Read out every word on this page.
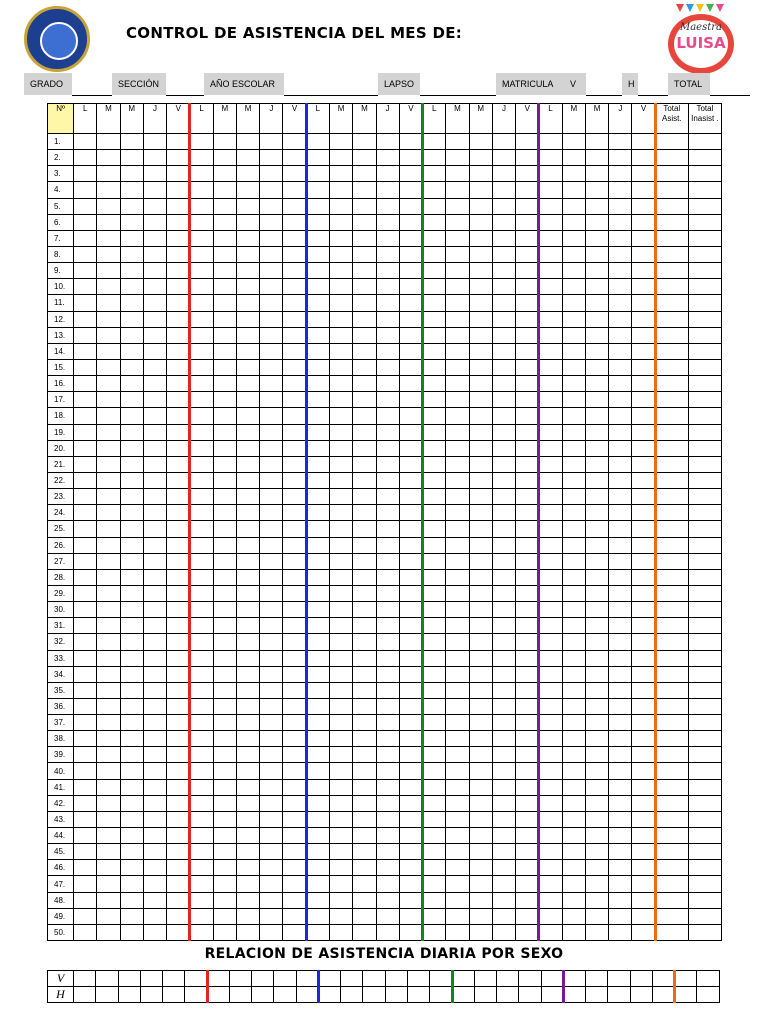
Maestra
LUISA
CONTROL DE ASISTENCIA DEL MES DE:
GRADO	SECCIÓN	AÑO ESCOLAR	LAPSO	MATRICULA	V	H	TOTAL
Nº	L	M	M	J	V	L	M	M	J	V	L	M	M	J	V	L	M	M	J	V	L	M	M	J	V	Total Asist.	Total Inasist .
1.																											
2.																											
3.																											
4.																											
5.																											
6.																											
7.																											
8.																											
9.																											
10.																											
11.																											
12.																											
13.																											
14.																											
15.																											
16.																											
17.																											
18.																											
19.																											
20.																											
21.																											
22.																											
23.																											
24.																											
25.																											
26.																											
27.																											
28.																											
29.																											
30.																											
31.																											
32.																											
33.																											
34.																											
35.																											
36.																											
37.																											
38.																											
39.																											
40.																											
41.																											
42.																											
43.																											
44.																											
45.																											
46.																											
47.																											
48.																											
49.																											
50.																											
RELACION DE ASISTENCIA DIARIA POR SEXO
V																													
H																													
